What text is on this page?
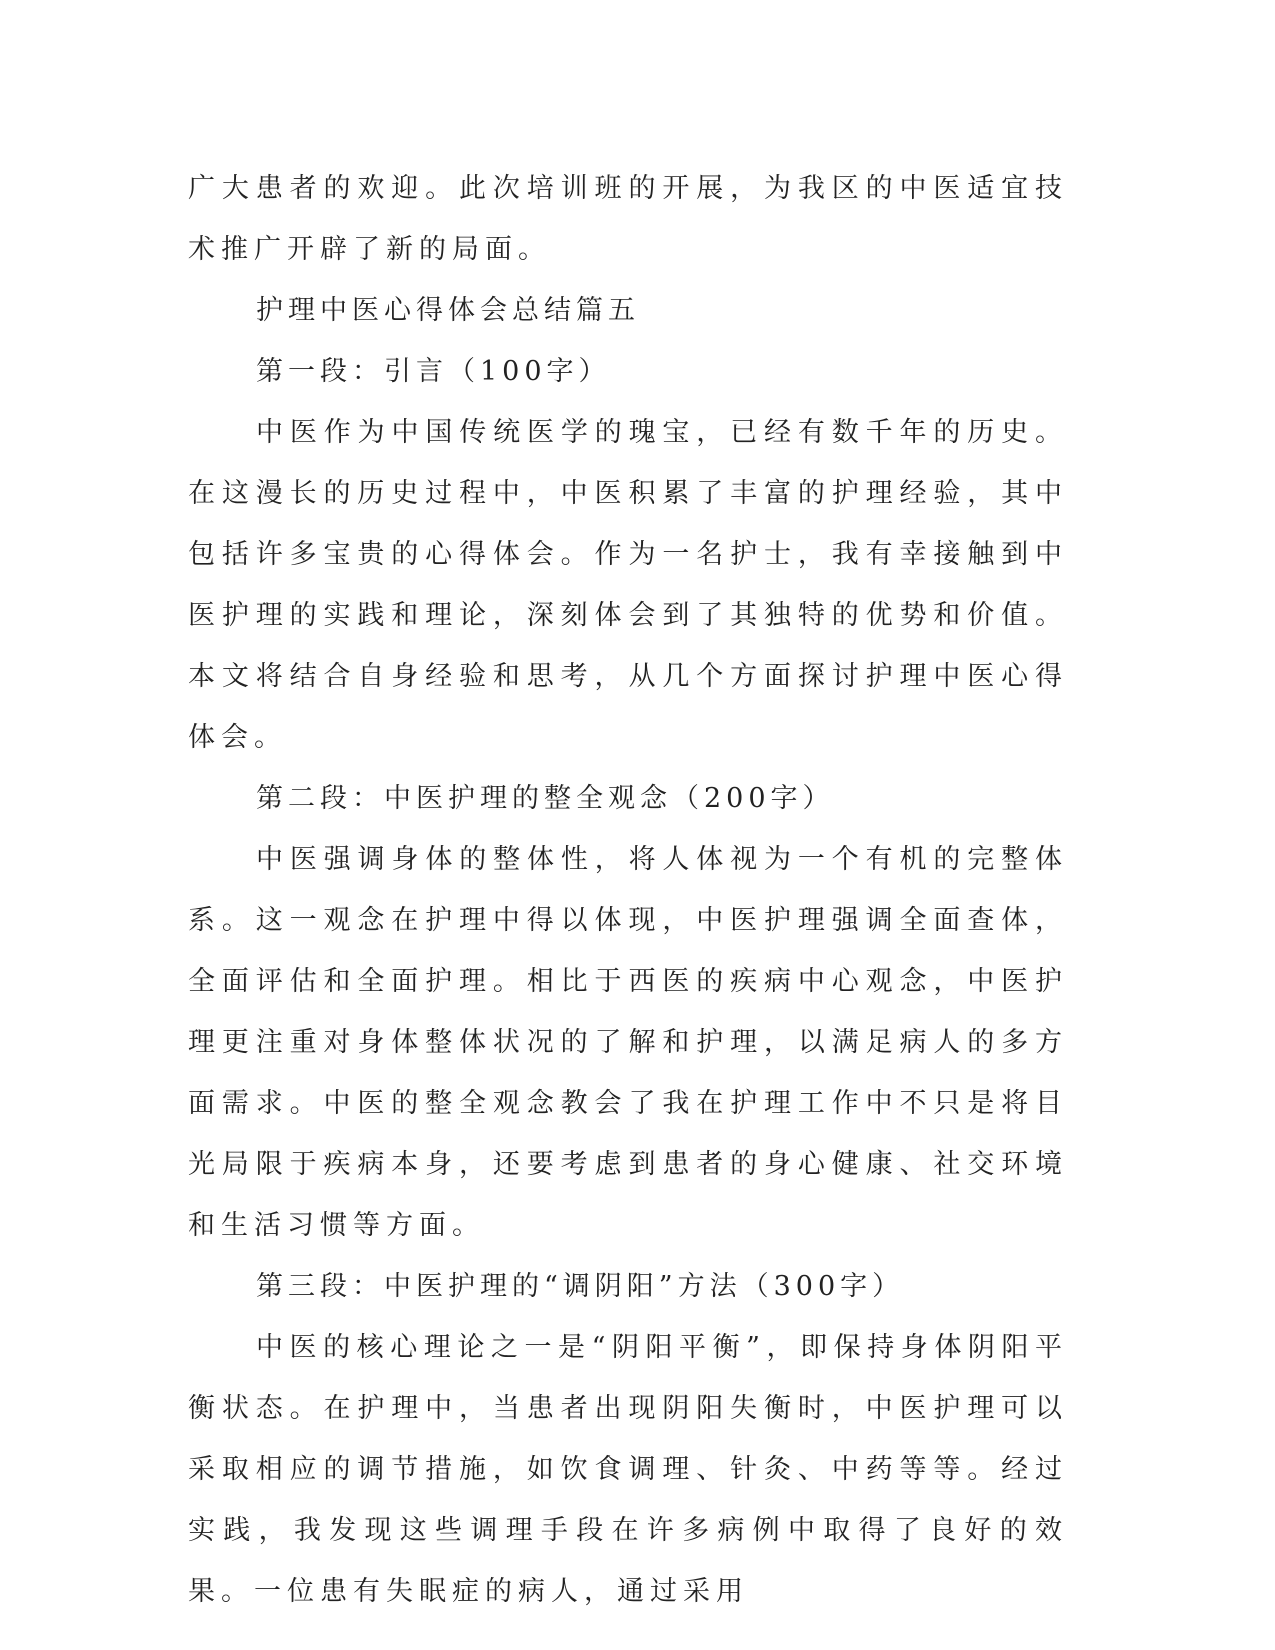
广大患者的欢迎。此次培训班的开展，为我区的中医适宜技术推广开辟了新的局面。

护理中医心得体会总结篇五

第一段：引言（100字）

中医作为中国传统医学的瑰宝，已经有数千年的历史。在这漫长的历史过程中，中医积累了丰富的护理经验，其中包括许多宝贵的心得体会。作为一名护士，我有幸接触到中医护理的实践和理论，深刻体会到了其独特的优势和价值。本文将结合自身经验和思考，从几个方面探讨护理中医心得体会。

第二段：中医护理的整全观念（200字）

中医强调身体的整体性，将人体视为一个有机的完整体系。这一观念在护理中得以体现，中医护理强调全面查体，全面评估和全面护理。相比于西医的疾病中心观念，中医护理更注重对身体整体状况的了解和护理，以满足病人的多方面需求。中医的整全观念教会了我在护理工作中不只是将目光局限于疾病本身，还要考虑到患者的身心健康、社交环境和生活习惯等方面。

第三段：中医护理的“调阴阳”方法（300字）

中医的核心理论之一是“阴阳平衡”，即保持身体阴阳平衡状态。在护理中，当患者出现阴阳失衡时，中医护理可以采取相应的调节措施，如饮食调理、针灸、中药等等。经过实践，我发现这些调理手段在许多病例中取得了良好的效果。一位患有失眠症的病人，通过采用
